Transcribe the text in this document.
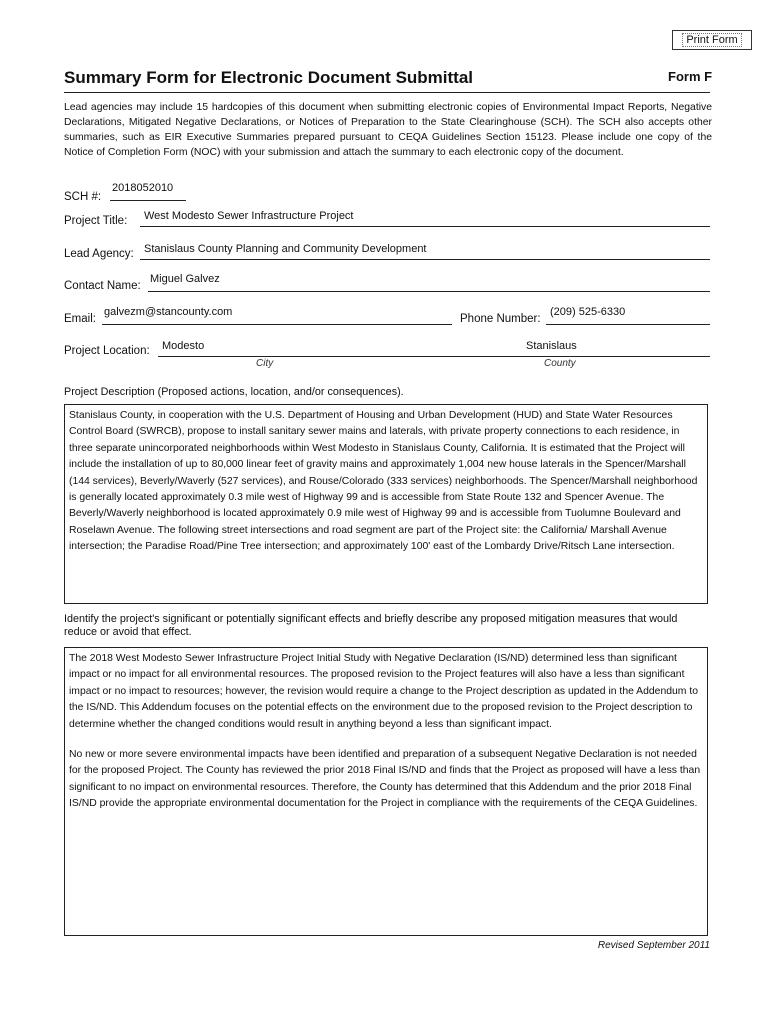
Print Form
Summary Form for Electronic Document Submittal	Form F

Lead agencies may include 15 hardcopies of this document when submitting electronic copies of Environmental Impact Reports, Negative Declarations, Mitigated Negative Declarations, or Notices of Preparation to the State Clearinghouse (SCH). The SCH also accepts other summaries, such as EIR Executive Summaries prepared pursuant to CEQA Guidelines Section 15123. Please include one copy of the Notice of Completion Form (NOC) with your submission and attach the summary to each electronic copy of the document.

SCH #:
2018052010
Project Title: West Modesto Sewer Infrastructure Project
Lead Agency: Stanislaus County Planning and Community Development
Contact Name:
Miguel Galvez
Email:
galvezm@stancounty.com
Phone Number:
(209) 525-6330
Project Location: Modesto	Stanislaus
City	County

Project Description (Proposed actions, location, and/or consequences).

Stanislaus County, in cooperation with the U.S. Department of Housing and Urban Development (HUD) and State Water Resources Control Board (SWRCB), propose to install sanitary sewer mains and laterals, with private property connections to each residence, in three separate unincorporated neighborhoods within West Modesto in Stanislaus County, California. It is estimated that the Project will include the installation of up to 80,000 linear feet of gravity mains and approximately 1,004 new house laterals in the Spencer/Marshall (144 services), Beverly/Waverly (527 services), and Rouse/Colorado (333 services) neighborhoods. The Spencer/Marshall neighborhood is generally located approximately 0.3 mile west of Highway 99 and is accessible from State Route 132 and Spencer Avenue. The Beverly/Waverly neighborhood is located approximately 0.9 mile west of Highway 99 and is accessible from Tuolumne Boulevard and Roselawn Avenue. The following street intersections and road segment are part of the Project site: the California/ Marshall Avenue intersection; the Paradise Road/Pine Tree intersection; and approximately 100' east of the Lombardy Drive/Ritsch Lane intersection.

Identify the project's significant or potentially significant effects and briefly describe any proposed mitigation measures that would reduce or avoid that effect.

The 2018 West Modesto Sewer Infrastructure Project Initial Study with Negative Declaration (IS/ND) determined less than significant impact or no impact for all environmental resources. The proposed revision to the Project features will also have a less than significant impact or no impact to resources; however, the revision would require a change to the Project description as updated in the Addendum to the IS/ND. This Addendum focuses on the potential effects on the environment due to the proposed revision to the Project description to determine whether the changed conditions would result in anything beyond a less than significant impact.

No new or more severe environmental impacts have been identified and preparation of a subsequent Negative Declaration is not needed for the proposed Project. The County has reviewed the prior 2018 Final IS/ND and finds that the Project as proposed will have a less than significant to no impact on environmental resources. Therefore, the County has determined that this Addendum and the prior 2018 Final IS/ND provide the appropriate environmental documentation for the Project in compliance with the requirements of the CEQA Guidelines.

Revised September 2011
